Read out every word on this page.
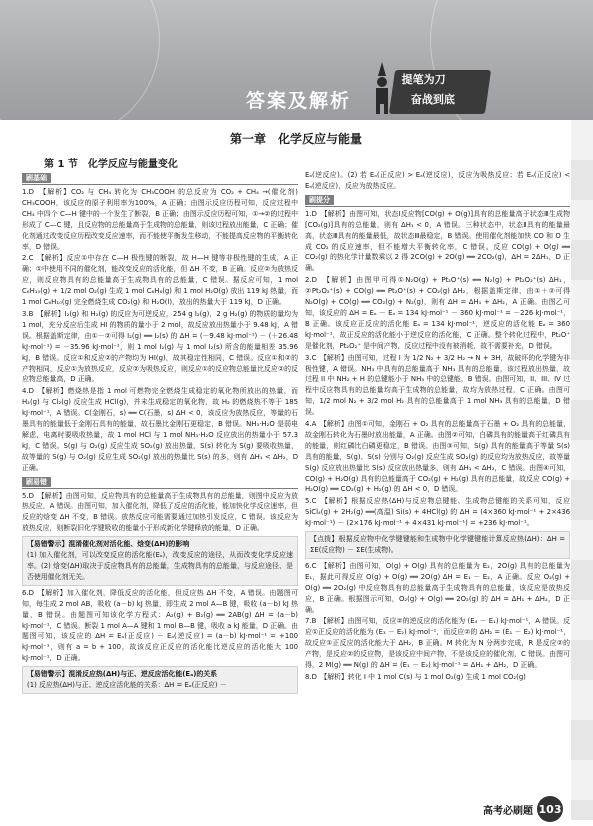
答案及解析
提笔为刀
奋战到底
第一章　化学反应与能量
第 1 节　化学反应与能量变化
刷基础

1.D　【解析】CO₂ 与 CH₄ 转化为 CH₃COOH 的总反应为 CO₂ + CH₄ →(催化剂) CH₃COOH，该反应的原子利用率为100%，A 正确；由图示反应历程可知，反应过程中 CH₄ 中四个 C—H 键中的一个发生了断裂，B 正确；由图示反应历程可知，①→②的过程中形成了 C—C 键，且反应物的总能量高于生成物的总能量，则该过程放出能量，C 正确；催化剂通过改变反应历程改变反应速率，而不能使平衡发生移动，不能提高反应物的平衡转化率，D 错误。

2.C　【解析】反应①中存在 C—H 极性键的断裂，故 H—H 键等非极性键的生成，A 正确；①中使用不同的催化剂，能改变反应的活化能，但 ΔH 不变，B 正确。反应②为放热反应，则反应物具有的总能量高于生成物具有的总能量，C 错误。据反应可知，1 mol C₆H₁₀(g) + 1/2 mol O₂(g) 生成 1 mol C₆H₆(g) 和 1 mol H₂O(g) 放出 119 kJ 热量，而 1 mol C₆H₁₀(g) 完全燃烧生成 CO₂(g) 和 H₂O(l)，放出的热量大于 119 kJ，D 正确。

3.B　【解析】I₂(g) 和 H₂(g) 的反应为可逆反应，254 g I₂(g)，2 g H₂(g) 的物质的量均为 1 mol，充分反应后生成 HI 的物质的量小于 2 mol，故反应放出热量小于 9.48 kJ，A 错误。根据盖斯定律，由①－②可得 I₂(g) ══ I₂(s) 的 ΔH = (－9.48 kJ·mol⁻¹) － (＋26.48 kJ·mol⁻¹) = －35.96 kJ·mol⁻¹，则 1 mol I₂(g) 与 1 mol I₂(s) 所含的能量相差 35.96 kJ，B 错误。反应①和反应②的产物均为 HI(g)，故其稳定性相同，C 错误。反应①和②的产物相同，反应①为放热反应，反应②为吸热反应，则反应①的反应物总能量比反应②的反应物总能量高，D 正确。

4.D　【解析】燃烧热是指 1 mol 可燃物完全燃烧生成稳定的氧化物所放出的热量，而 H₂(g) 与 Cl₂(g) 反应生成 HCl(g)，并未生成稳定的氧化物，故 H₂ 的燃烧热不等于 185 kJ·mol⁻¹，A 错误。C(金刚石，s) ══ C(石墨，s) ΔH < 0，该反应为放热反应，等量的石墨具有的能量低于金刚石具有的能量，故石墨比金刚石更稳定，B 错误。NH₃·H₂O 是弱电解虑，电离时要吸收热量，故 1 mol HCl 与 1 mol NH₃·H₂O 反应放出的热量小于 57.3 kJ，C 错误。S(g) 与 O₂(g) 反应生成 SO₂(g) 放出热量，S(s) 转化为 S(g) 要吸收热量，故等量的 S(g) 与 O₂(g) 反应生成 SO₂(g) 放出的热量比 S(s) 的多，则有 ΔH₁ < ΔH₂，D 正确。

刷易错

5.D　【解析】由图可知，反应物具有的总能量高于生成物具有的总能量，则图中反应为放热反应，A 错误。由图可知，加入催化剂，降低了反应的活化能，能加快化学反应速率，但反应的焓变 ΔH 不变，B 错误。放热反应可能需要通过加热引发反应，C 错误。该反应为放热反应，则断裂旧化学键吸收的能量小于形成新化学键释放的能量，D 正确。

【易错警示】混淆催化剂对活化能、焓变(ΔH)的影响
(1) 加入催化剂，可以改变反应的活化能(Eₐ)，改变反应的途径，从而改变化学反应速率。(2) 焓变(ΔH)取决于反应物具有的总能量，生成物具有的总能量，与反应途径、是否使用催化剂无关。

6.D　【解析】加入催化剂，降低反应的活化能，但反应热 ΔH 不变，A 错误。由题图可知，每生成 2 mol AB，吸收 (a－b) kJ 热量，即生成 2 mol A—B 键，吸收 (a－b) kJ 热量，B 错误。由题图可知该化学方程式：A₂(g) + B₂(g) ══ 2AB(g) ΔH = (a－b) kJ·mol⁻¹，C 错误。断裂 1 mol A—A 键和 1 mol B—B 键，吸收 a kJ 能量，D 正确。由题图可知，该反应的 ΔH = Eₐ(正反应) － Eₐ(逆反应) = (a－b) kJ·mol⁻¹ = +100 kJ·mol⁻¹，则有 a = b + 100，故该反应正反应的活化能比逆反应的活化能大 100 kJ·mol⁻¹，D 正确。

【易错警示】混淆反应热(ΔH)与正、逆反应活化能(Eₐ)的关系
(1) 反应热(ΔH)与正、逆反应活化能的关系：ΔH = Eₐ(正反应) －

Eₐ(逆反应)。(2) 若 Eₐ(正反应) > Eₐ(逆反应)，反应为吸热反应；若 Eₐ(正反应) < Eₐ(逆反应)，反应为放热反应。

刷提分

1.D　【解析】由图可知，状态Ⅰ反应物[CO(g) + O(g)]具有的总能量高于状态Ⅲ生成物[CO₂(g)]具有的总能量，则有 ΔH₁ < 0，A 错误。三种状态中，状态Ⅱ具有的能量最高，状态Ⅲ具有的能量最低，故状态Ⅲ最稳定，B 错误。使用催化剂能加快 CO 和 O 生成 CO₂ 的反应速率，但不能增大平衡转化率，C 错误。反应 CO(g) + O(g) ══ CO₂(g) 的热化学计量数乘以 2 得 2CO(g) + 2O(g) ══ 2CO₂(g)，ΔH = 2ΔH₁，D 正确。

2.D　【解析】由图甲可得①N₂O(g) + Pt₂O⁺(s) ══ N₂(g) + Pt₂O₂⁺(s) ΔH₁，②Pt₂O₂⁺(s) + CO(g) ══ Pt₂O⁺(s) + CO₂(g) ΔH₂，根据盖斯定律，由①＋②可得 N₂O(g) + CO(g) ══ CO₂(g) + N₂(g)，则有 ΔH = ΔH₁ + ΔH₂，A 正确。由图乙可知，该反应的 ΔH = Eₐ － Eₐ = 134 kJ·mol⁻¹ － 360 kJ·mol⁻¹ = －226 kJ·mol⁻¹，B 正确。该反应正反应的活化能 Eₐ = 134 kJ·mol⁻¹，逆反应的活化能 Eₐ = 360 kJ·mol⁻¹，故正反应的活化能小于逆反应的活化能，C 正确。整个转化过程中，Pt₂O⁺ 是催化剂，Pt₂O₂⁺ 是中间产物，反应过程中没有被消耗，故不需要补充，D 错误。

3.C　【解析】由图可知，过程 I 为 1/2 N₂ + 3/2 H₂ → N + 3H，故破坏的化学键为非极性键，A 错误。NH₃ 中具有的总能量高于 NH₃ 具有的总能量，该过程放出热量，故过程 II 中 NH₂ + H 的总键能小于 NH₃ 中的总键能，B 错误。由图可知，II、III、IV 过程中反应物具有的总能量均高于生成物的总能量，故均为放热过程，C 正确。由图可知，1/2 mol N₂ + 3/2 mol H₂ 具有的总能量高于 1 mol NH₃ 具有的总能量，D 错误。

4.A　【解析】由图①可知，金刚石 + O₂ 具有的总能量高于石墨 + O₂ 具有的总能量，故金刚石转化为石墨时放出能量，A 正确。由图②可知，白磷具有的能量高于红磷具有的能量，则红磷比白磷更稳定，B 错误。由图③可知，S(g) 具有的能量高于等量 S(s) 具有的能量，S(g)、S(s) 分别与 O₂(g) 反应生成 SO₂(g) 的反应均为放热反应，故等量 S(g) 反应放出热量比 S(s) 反应放出热量多，则有 ΔH₁ < ΔH₂，C 错误。由图④可知，CO(g) + H₂O(g) 具有的总能量高于 CO₂(g) + H₂(g) 具有的总能量，故反应 CO(g) + H₂O(g) ══ CO₂(g) + H₂(g) 的 ΔH < 0，D 错误。

5.C　【解析】根据反应热(ΔH)与反应物总键能、生成物总键能的关系可知，反应 SiCl₄(g) + 2H₂(g) ══(高温) Si(s) + 4HCl(g) 的 ΔH = (4×360 kJ·mol⁻¹ + 2×436 kJ·mol⁻¹) － (2×176 kJ·mol⁻¹ + 4×431 kJ·mol⁻¹) = +236 kJ·mol⁻¹。

【点拨】根据反应物中化学键键能和生成物中化学键键能计算反应热(ΔH)：ΔH = ΣE(反应物) － ΣE(生成物)。

6.C　【解析】由图可知，O(g) + O(g) 具有的总能量为 E₂，2O(g) 具有的总能量为 E₁，据此可得反应 O(g) + O(g) ══ 2O(g) ΔH = E₁ － E₂，A 正确。反应 O₂(g) + O(g) ══ 2O₂(g) 中反应物具有的总能量高于生成物具有的总能量，该反应是放热反应，B 正确。根据图示可知，O₂(g) + O(g) ══ 2O₂(g) 的 ΔH = ΔH₁ + ΔH₂，D 正确。

7.B　【解析】由图可知，反应②的逆反应的活化能为 (E₄ － E₁) kJ·mol⁻¹，A 错误。反应①正反应的活化能为 (E₃ － E₂) kJ·mol⁻¹，而反应②的 ΔH₂ = (E₁ － E₂) kJ·mol⁻¹，故反应①正反应的活化能大于 ΔH₂，B 正确。M 转化为 N 分两步完成，R 是反应②的产物，是反应②的反应物，是该反应中间产物，不是该反应的催化剂，C 错误。由图可得，2 M(g) ══ N(g) 的 ΔH = (E₁ － E₂) kJ·mol⁻¹ = ΔH₁ + ΔH₂，D 正确。

8.D　【解析】转化 I 中 1 mol C(s) 与 1 mol O₂(g) 生成 1 mol CO₂(g)

高考必刷题 103
